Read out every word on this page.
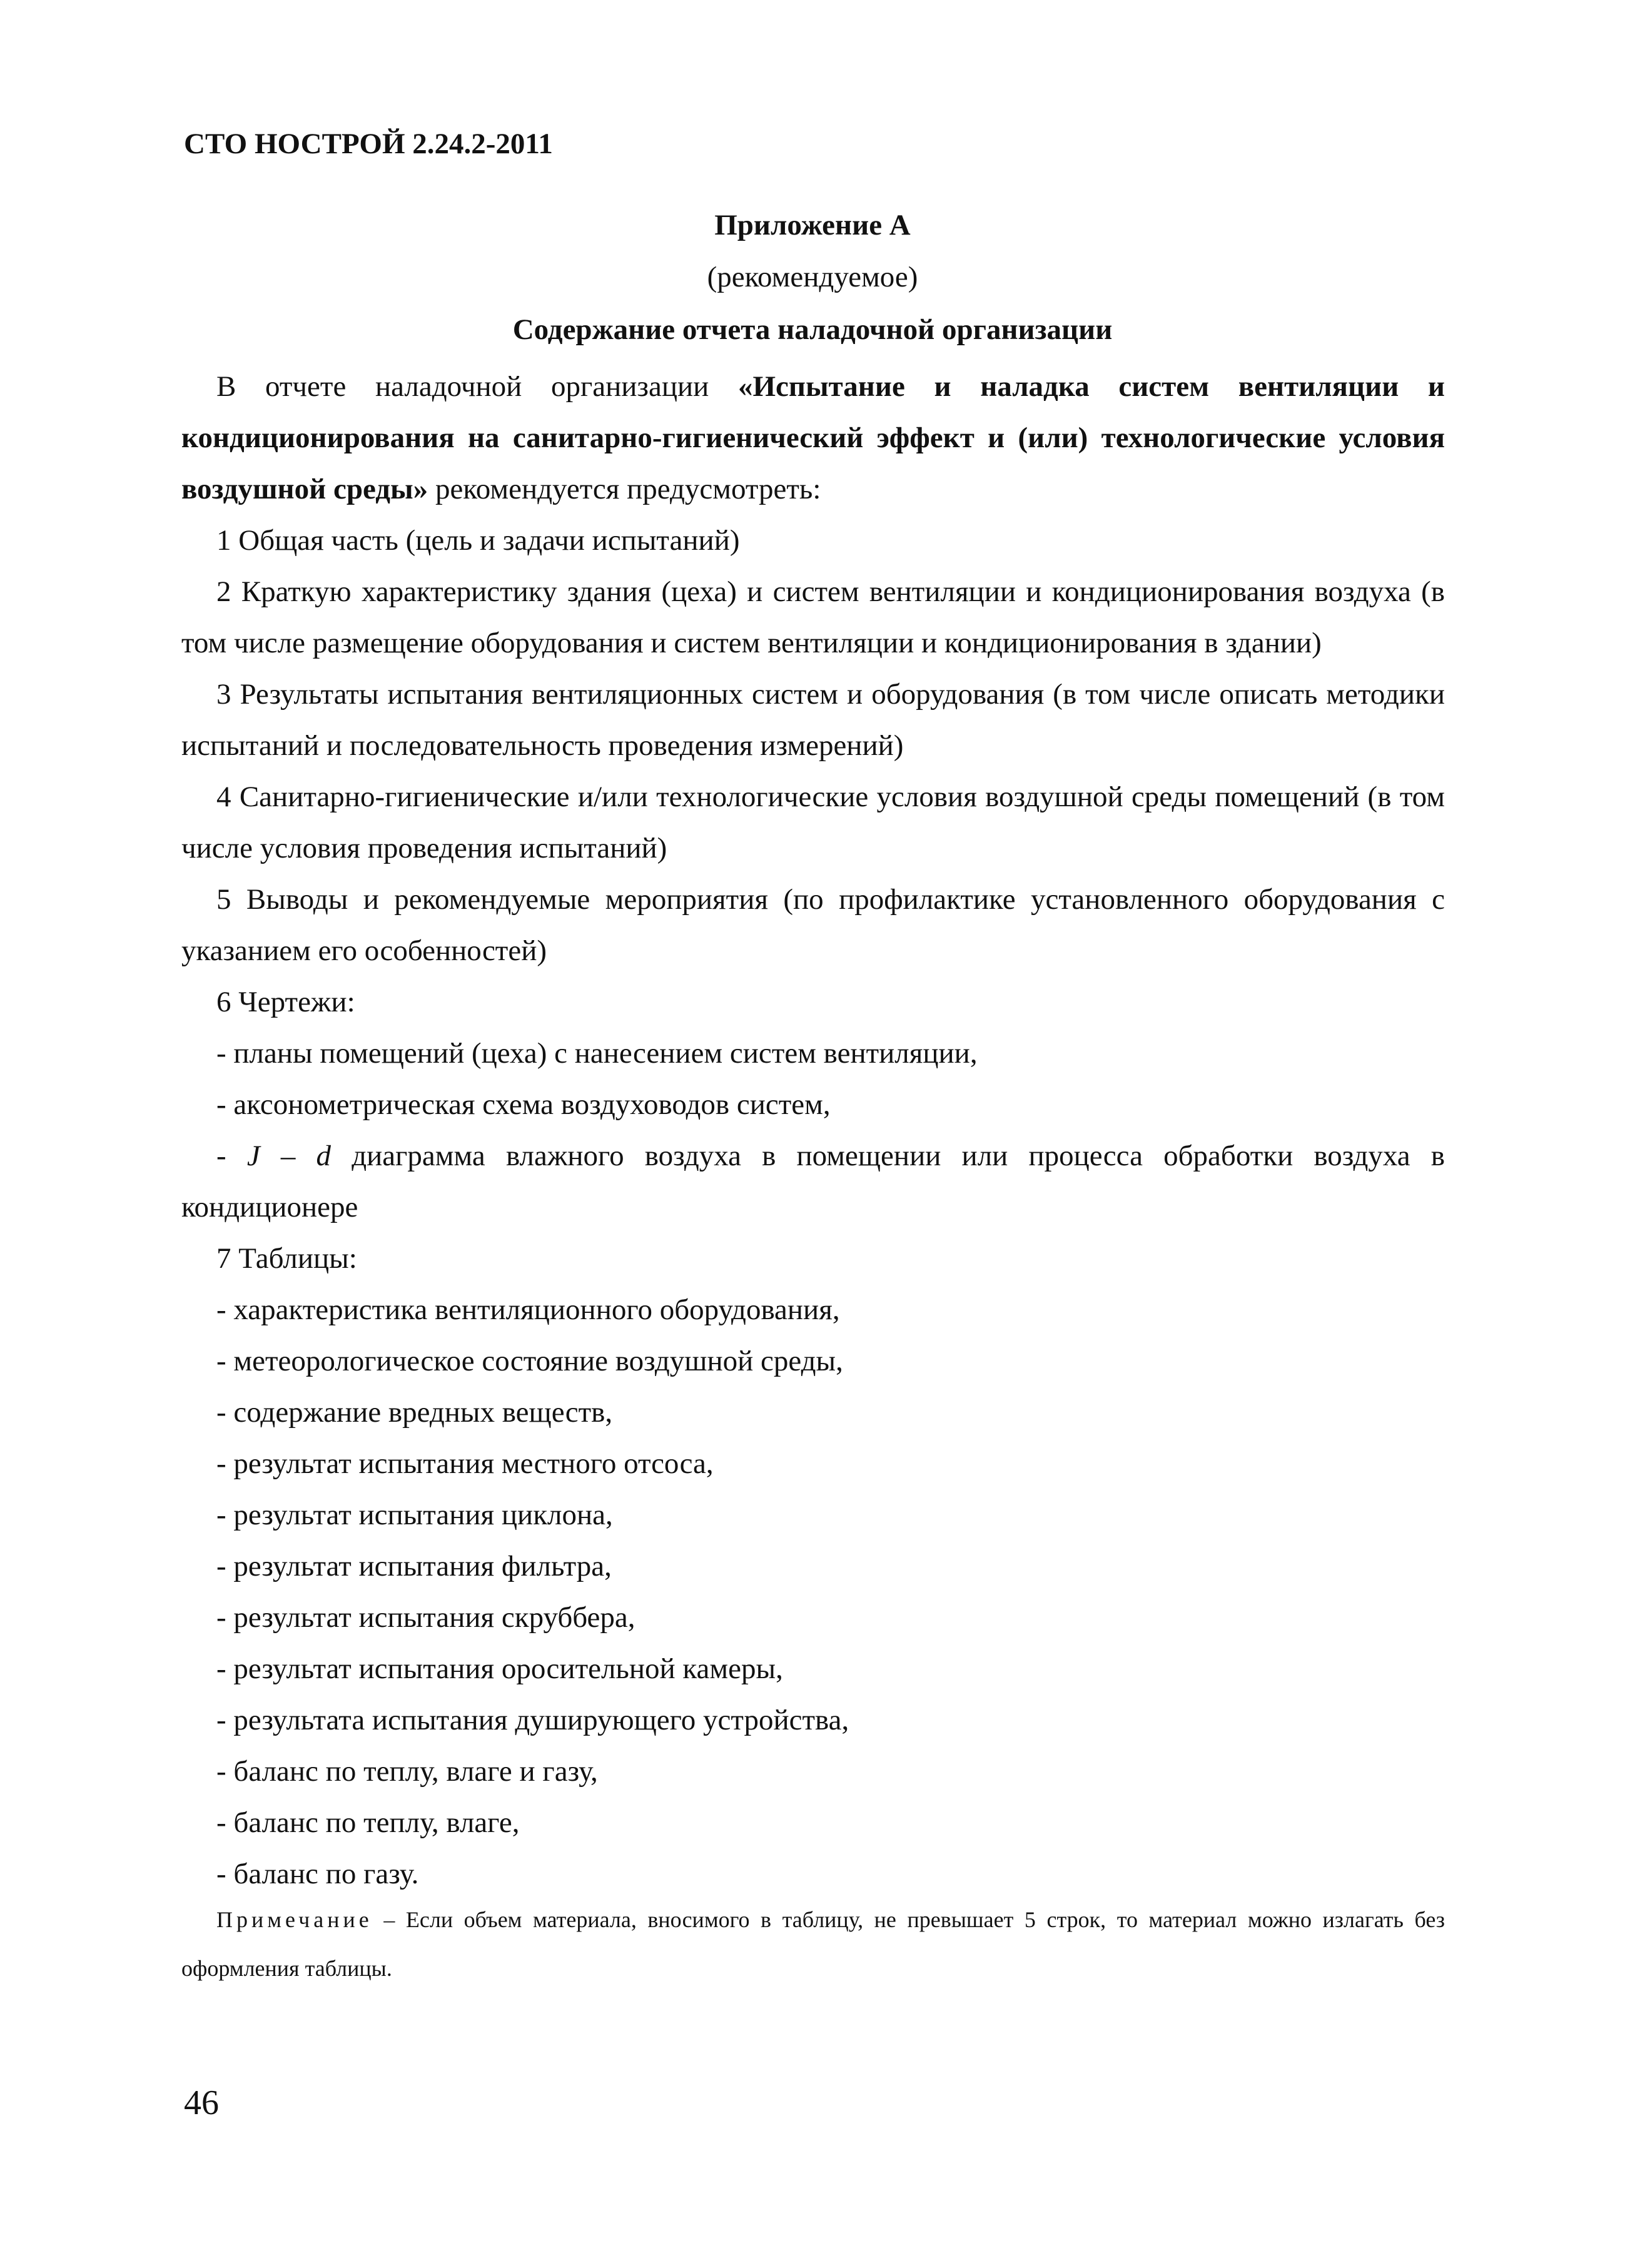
СТО НОСТРОЙ 2.24.2-2011
Приложение А
(рекомендуемое)
Содержание отчета наладочной организации

В отчете наладочной организации «Испытание и наладка систем вентиляции и кондиционирования на санитарно-гигиенический эффект и (или) технологические условия воздушной среды» рекомендуется предусмотреть:

1 Общая часть (цель и задачи испытаний)

2 Краткую характеристику здания (цеха) и систем вентиляции и кондиционирования воздуха (в том числе размещение оборудования и систем вентиляции и кондиционирования в здании)

3 Результаты испытания вентиляционных систем и оборудования (в том числе описать методики испытаний и последовательность проведения измерений)

4 Санитарно-гигиенические и/или технологические условия воздушной среды помещений (в том числе условия проведения испытаний)

5 Выводы и рекомендуемые мероприятия (по профилактике установленного оборудования с указанием его особенностей)

6 Чертежи:

- планы помещений (цеха) с нанесением систем вентиляции,

- аксонометрическая схема воздуховодов систем,

- J – d диаграмма влажного воздуха в помещении или процесса обработки воздуха в кондиционере

7 Таблицы:

- характеристика вентиляционного оборудования,

- метеорологическое состояние воздушной среды,

- содержание вредных веществ,

- результат испытания местного отсоса,

- результат испытания циклона,

- результат испытания фильтра,

- результат испытания скруббера,

- результат испытания оросительной камеры,

- результата испытания душирующего устройства,

- баланс по теплу, влаге и газу,

- баланс по теплу, влаге,

- баланс по газу.

Примечание – Если объем материала, вносимого в таблицу, не превышает 5 строк, то материал можно излагать без оформления таблицы.
46
